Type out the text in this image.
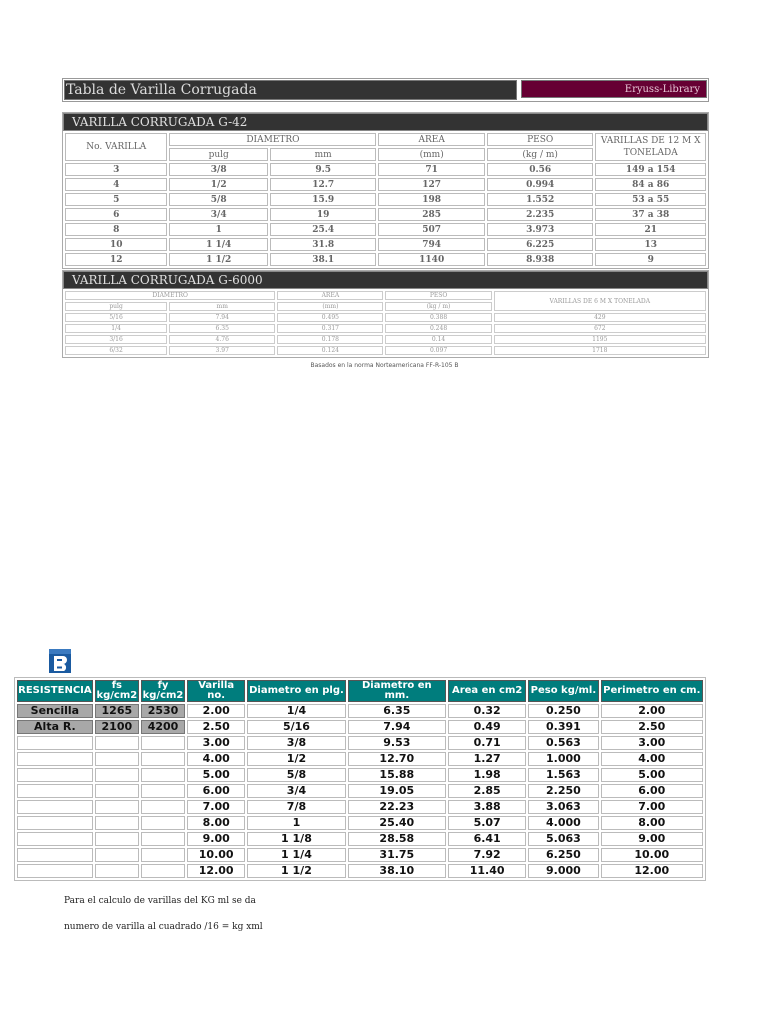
Tabla de Varilla Corrugada	Eryuss-Library
VARILLA CORRUGADA G-42
No. VARILLA	DIAMETRO		AREA	PESO	VARILLAS DE 12 M X TONELADA
	pulg	mm	(mm)	(kg / m)	
3	3/8	9.5	71	0.56	149 a 154
4	1/2	12.7	127	0.994	84 a 86
5	5/8	15.9	198	1.552	53 a 55
6	3/4	19	285	2.235	37 a 38
8	1	25.4	507	3.973	21
10	1 1/4	31.8	794	6.225	13
12	1 1/2	38.1	1140	8.938	9
VARILLA CORRUGADA G-6000
DIAMETRO		AREA	PESO	VARILLAS DE 6 M X TONELADA
pulg	mm	(mm)	(kg / m)	
5/16	7.94	0.495	0.388	429
1/4	6.35	0.317	0.248	672
3/16	4.76	0.178	0.14	1195
6/32	3.97	0.124	0.097	1718
Basados en la norma Norteamericana FF-R-105 B
RESISTENCIA	fs kg/cm2	fy kg/cm2	Varilla no.	Diametro en plg.	Diametro en mm.	Area en cm2	Peso kg/ml.	Perimetro en cm.
Sencilla	1265	2530	2.00	1/4	6.35	0.32	0.250	2.00
Alta R.	2100	4200	2.50	5/16	7.94	0.49	0.391	2.50
			3.00	3/8	9.53	0.71	0.563	3.00
			4.00	1/2	12.70	1.27	1.000	4.00
			5.00	5/8	15.88	1.98	1.563	5.00
			6.00	3/4	19.05	2.85	2.250	6.00
			7.00	7/8	22.23	3.88	3.063	7.00
			8.00	1	25.40	5.07	4.000	8.00
			9.00	1 1/8	28.58	6.41	5.063	9.00
			10.00	1 1/4	31.75	7.92	6.250	10.00
			12.00	1 1/2	38.10	11.40	9.000	12.00
Para el calculo de varillas del KG ml se da
numero de varilla al cuadrado /16 = kg xml
